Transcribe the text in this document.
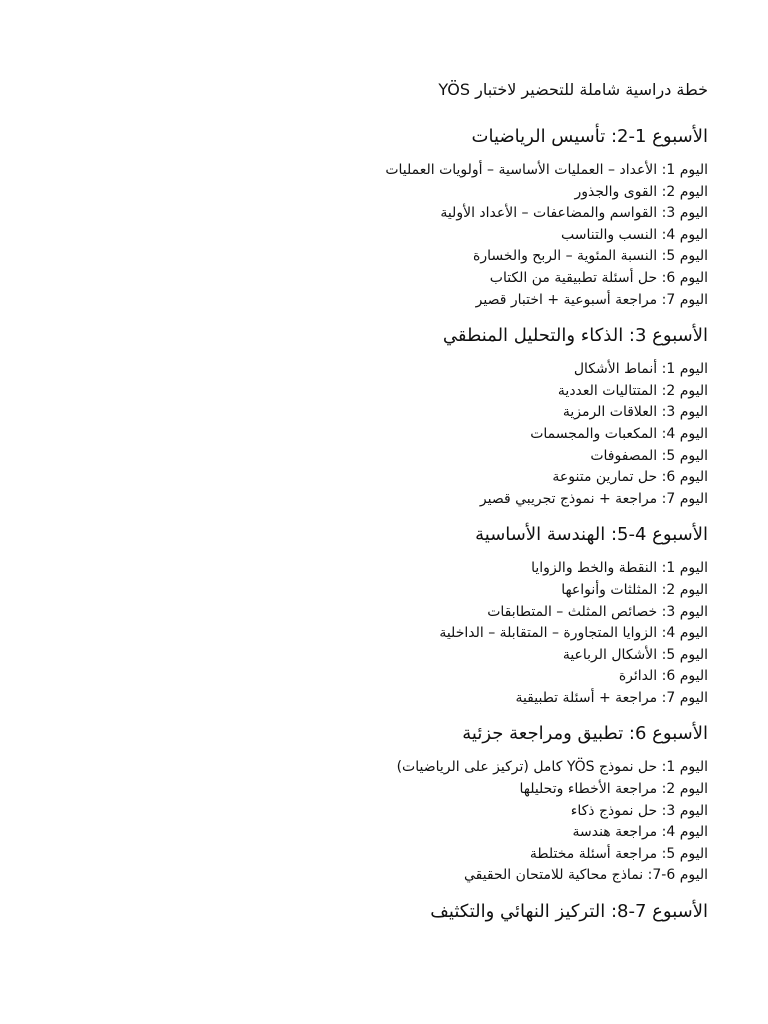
خطة دراسية شاملة للتحضير لاختبار YÖS
الأسبوع 1-2: تأسيس الرياضيات
اليوم 1: الأعداد – العمليات الأساسية – أولويات العمليات
اليوم 2: القوى والجذور
اليوم 3: القواسم والمضاعفات – الأعداد الأولية
اليوم 4: النسب والتناسب
اليوم 5: النسبة المئوية – الربح والخسارة
اليوم 6: حل أسئلة تطبيقية من الكتاب
اليوم 7: مراجعة أسبوعية + اختبار قصير
الأسبوع 3: الذكاء والتحليل المنطقي
اليوم 1: أنماط الأشكال
اليوم 2: المتتاليات العددية
اليوم 3: العلاقات الرمزية
اليوم 4: المكعبات والمجسمات
اليوم 5: المصفوفات
اليوم 6: حل تمارين متنوعة
اليوم 7: مراجعة + نموذج تجريبي قصير
الأسبوع 4-5: الهندسة الأساسية
اليوم 1: النقطة والخط والزوايا
اليوم 2: المثلثات وأنواعها
اليوم 3: خصائص المثلث – المتطابقات
اليوم 4: الزوايا المتجاورة – المتقابلة – الداخلية
اليوم 5: الأشكال الرباعية
اليوم 6: الدائرة
اليوم 7: مراجعة + أسئلة تطبيقية
الأسبوع 6: تطبيق ومراجعة جزئية
اليوم 1: حل نموذج YÖS كامل (تركيز على الرياضيات)
اليوم 2: مراجعة الأخطاء وتحليلها
اليوم 3: حل نموذج ذكاء
اليوم 4: مراجعة هندسة
اليوم 5: مراجعة أسئلة مختلطة
اليوم 6-7: نماذج محاكية للامتحان الحقيقي
الأسبوع 7-8: التركيز النهائي والتكثيف
